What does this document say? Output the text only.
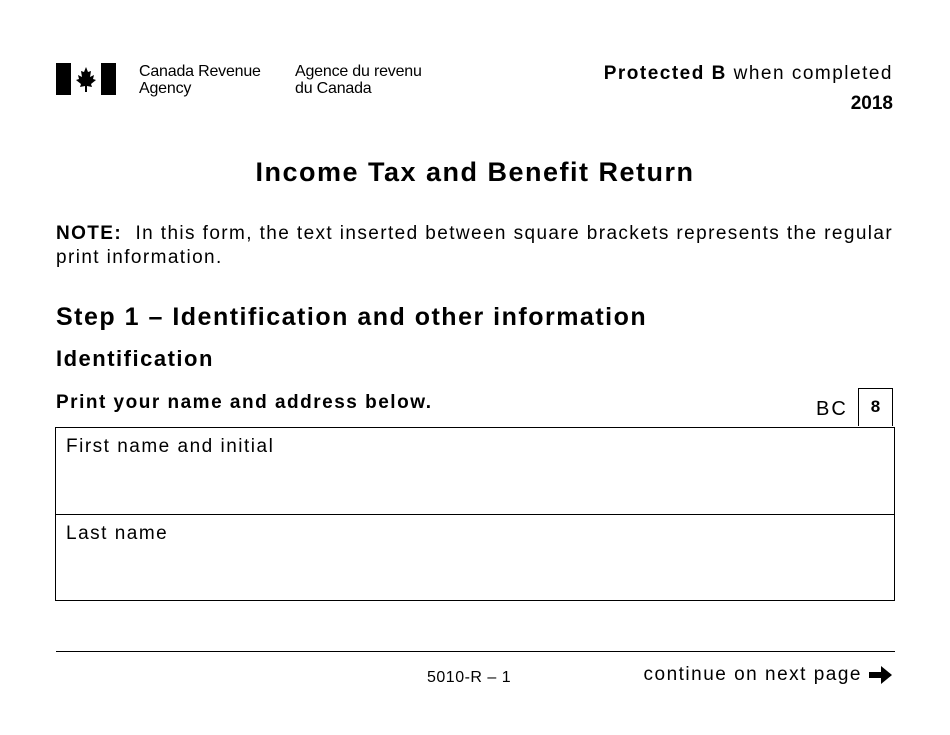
Canada Revenue
Agency
Agence du revenu
du Canada
Protected B when completed
2018
Income Tax and Benefit Return
NOTE:  In this form, the text inserted between square brackets represents the regular print information.
Step 1 – Identification and other information
Identification
Print your name and address below.	BC	8
First name and initial
Last name
5010-R – 1	continue on next page
